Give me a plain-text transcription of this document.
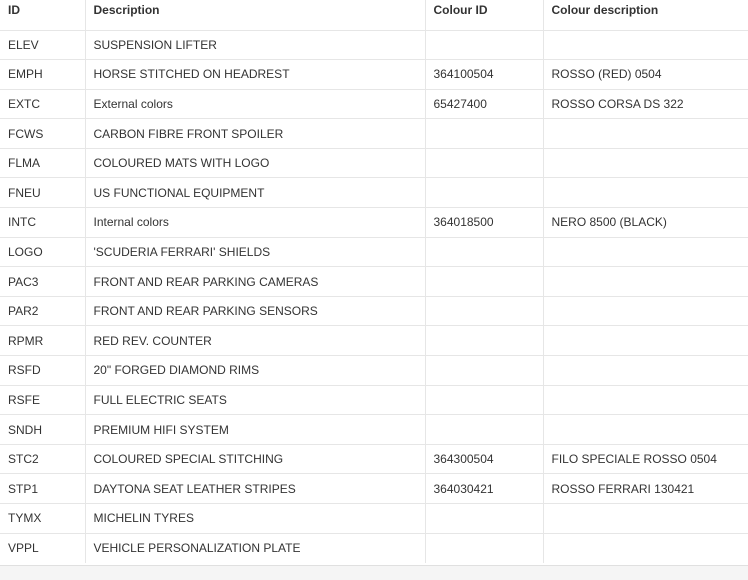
ID	Description	Colour ID	Colour description
ELEV	SUSPENSION LIFTER		
EMPH	HORSE STITCHED ON HEADREST	364100504	ROSSO (RED) 0504
EXTC	External colors	65427400	ROSSO CORSA DS 322
FCWS	CARBON FIBRE FRONT SPOILER		
FLMA	COLOURED MATS WITH LOGO		
FNEU	US FUNCTIONAL EQUIPMENT		
INTC	Internal colors	364018500	NERO 8500 (BLACK)
LOGO	'SCUDERIA FERRARI' SHIELDS		
PAC3	FRONT AND REAR PARKING CAMERAS		
PAR2	FRONT AND REAR PARKING SENSORS		
RPMR	RED REV. COUNTER		
RSFD	20" FORGED DIAMOND RIMS		
RSFE	FULL ELECTRIC SEATS		
SNDH	PREMIUM HIFI SYSTEM		
STC2	COLOURED SPECIAL STITCHING	364300504	FILO SPECIALE ROSSO 0504
STP1	DAYTONA SEAT LEATHER STRIPES	364030421	ROSSO FERRARI 130421
TYMX	MICHELIN TYRES		
VPPL	VEHICLE PERSONALIZATION PLATE		
